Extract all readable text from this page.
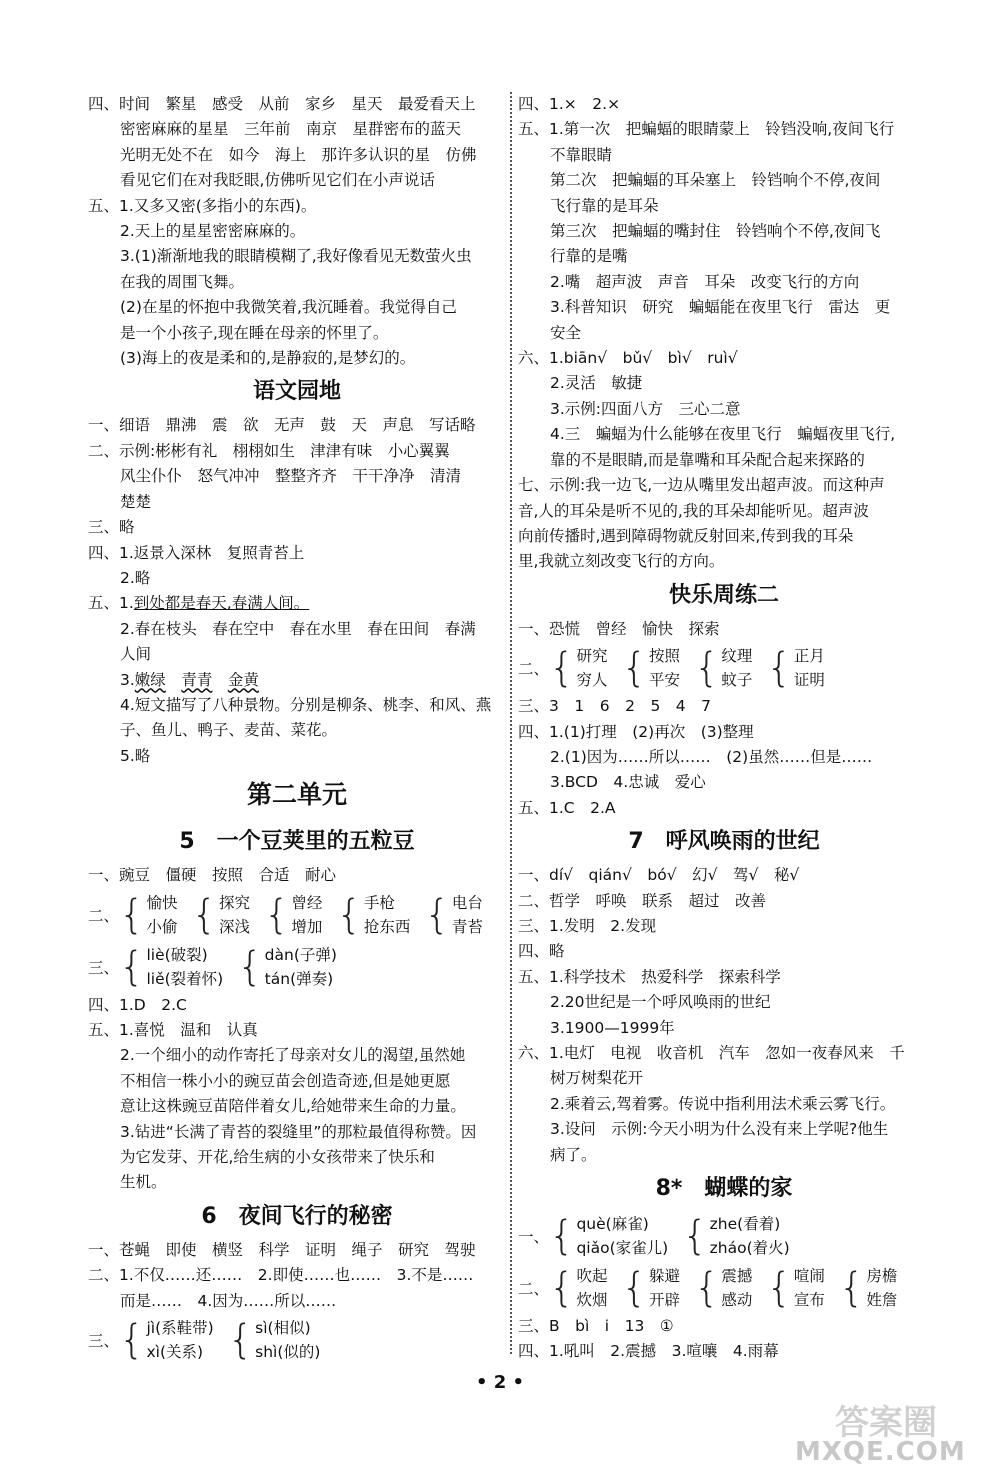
四、时间　繁星　感受　从前　家乡　星天　最爱看天上
密密麻麻的星星　三年前　南京　星群密布的蓝天
光明无处不在　如今　海上　那许多认识的星　仿佛
看见它们在对我眨眼,仿佛听见它们在小声说话
五、1.又多又密(多指小的东西)。
2.天上的星星密密麻麻的。
3.(1)渐渐地我的眼睛模糊了,我好像看见无数萤火虫
在我的周围飞舞。
(2)在星的怀抱中我微笑着,我沉睡着。我觉得自己
是一个小孩子,现在睡在母亲的怀里了。
(3)海上的夜是柔和的,是静寂的,是梦幻的。
语文园地
一、细语　鼎沸　震　欲　无声　鼓　天　声息　写话略
二、示例:彬彬有礼　栩栩如生　津津有味　小心翼翼
风尘仆仆　怒气冲冲　整整齐齐　干干净净　清清
楚楚
三、略
四、1.返景入深林　复照青苔上
2.略
五、1.到处都是春天,春满人间。
2.春在枝头　春在空中　春在水里　春在田间　春满
人间
3.嫩绿　 青青　 金黄
4.短文描写了八种景物。分别是柳条、桃李、和风、燕
子、鱼儿、鸭子、麦苗、菜花。
5.略
第二单元
5　一个豆荚里的五粒豆
一、豌豆　僵硬　按照　合适　耐心
二、 { 愉快
小偷 { 探究
深浅 { 曾经
增加 { 手枪
抢东西 { 电台
青苔
三、 { liè(破裂)
liě(裂着怀) { dàn(子弹)
tán(弹奏)
四、1.D　2.C
五、1.喜悦　温和　认真
2.一个细小的动作寄托了母亲对女儿的渴望,虽然她
不相信一株小小的豌豆苗会创造奇迹,但是她更愿
意让这株豌豆苗陪伴着女儿,给她带来生命的力量。
3.钻进“长满了青苔的裂缝里”的那粒最值得称赞。因
为它发芽、开花,给生病的小女孩带来了快乐和
生机。
6　夜间飞行的秘密
一、苍蝇　即使　横竖　科学　证明　绳子　研究　驾驶
二、1.不仅……还……　2.即使……也……　3.不是……
而是……　4.因为……所以……
三、 { jì(系鞋带)
xì(关系) { sì(相似)
shì(似的)
四、1.×　2.×
五、1.第一次　把蝙蝠的眼睛蒙上　铃铛没响,夜间飞行
不靠眼睛
第二次　把蝙蝠的耳朵塞上　铃铛响个不停,夜间
飞行靠的是耳朵
第三次　把蝙蝠的嘴封住　铃铛响个不停,夜间飞
行靠的是嘴
2.嘴　超声波　声音　耳朵　改变飞行的方向
3.科普知识　研究　蝙蝠能在夜里飞行　雷达　更
安全
六、1.biān√　bǔ√　bì√　ruì√
2.灵活　敏捷
3.示例:四面八方　三心二意
4.三　蝙蝠为什么能够在夜里飞行　蝙蝠夜里飞行,
靠的不是眼睛,而是靠嘴和耳朵配合起来探路的
七、示例:我一边飞,一边从嘴里发出超声波。而这种声
音,人的耳朵是听不见的,我的耳朵却能听见。超声波
向前传播时,遇到障碍物就反射回来,传到我的耳朵
里,我就立刻改变飞行的方向。
快乐周练二
一、恐慌　曾经　愉快　探索
二、 { 研究
穷人 { 按照
平安 { 纹理
蚊子 { 正月
证明
三、3　1　6　2　5　4　7
四、1.(1)打理　(2)再次　(3)整理
2.(1)因为……所以……　(2)虽然……但是……
3.BCD　4.忠诚　爱心
五、1.C　2.A
7　呼风唤雨的世纪
一、dí√　qián√　bó√　幻√　驾√　秘√
二、哲学　呼唤　联系　超过　改善
三、1.发明　2.发现
四、略
五、1.科学技术　热爱科学　探索科学
2.20世纪是一个呼风唤雨的世纪
3.1900—1999年
六、1.电灯　电视　收音机　汽车　忽如一夜春风来　千
树万树梨花开
2.乘着云,驾着雾。传说中指利用法术乘云雾飞行。
3.设问　示例:今天小明为什么没有来上学呢?他生
病了。
8*　蝴蝶的家
一、 { què(麻雀)
qiǎo(家雀儿) { zhe(看着)
zháo(着火)
二、 { 吹起
炊烟 { 躲避
开辟 { 震撼
感动 { 喧闹
宣布 { 房檐
姓詹
三、B　bì　i　13　①
四、1.吼叫　2.震撼　3.喧嚷　4.雨幕
• 2 •
答案圈
MXQE.COM
